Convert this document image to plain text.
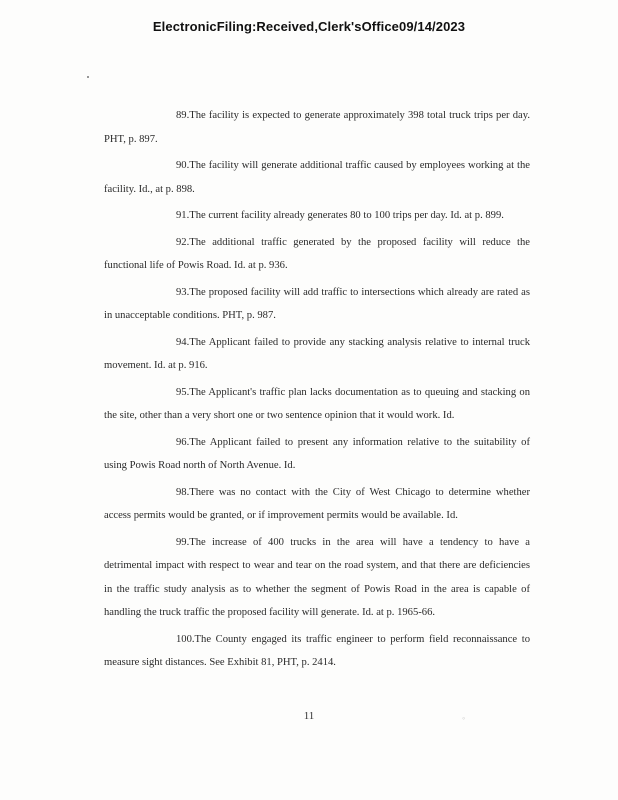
ElectronicFiling:Received,Clerk'sOffice09/14/2023

89.The facility is expected to generate approximately 398 total truck trips per day. PHT, p. 897.

90.The facility will generate additional traffic caused by employees working at the facility. Id., at p. 898.

91.The current facility already generates 80 to 100 trips per day. Id. at p. 899.

92.The additional traffic generated by the proposed facility will reduce the functional life of Powis Road. Id. at p. 936.

93.The proposed facility will add traffic to intersections which already are rated as in unacceptable conditions. PHT, p. 987.

94.The Applicant failed to provide any stacking analysis relative to internal truck movement. Id. at p. 916.

95.The Applicant's traffic plan lacks documentation as to queuing and stacking on the site, other than a very short one or two sentence opinion that it would work. Id.

96.The Applicant failed to present any information relative to the suitability of using Powis Road north of North Avenue. Id.

98.There was no contact with the City of West Chicago to determine whether access permits would be granted, or if improvement permits would be available. Id.

99.The increase of 400 trucks in the area will have a tendency to have a detrimental impact with respect to wear and tear on the road system, and that there are deficiencies in the traffic study analysis as to whether the segment of Powis Road in the area is capable of handling the truck traffic the proposed facility will generate. Id. at p. 1965-66.

100.The County engaged its traffic engineer to perform field reconnaissance to measure sight distances. See Exhibit 81, PHT, p. 2414.

11	◦
